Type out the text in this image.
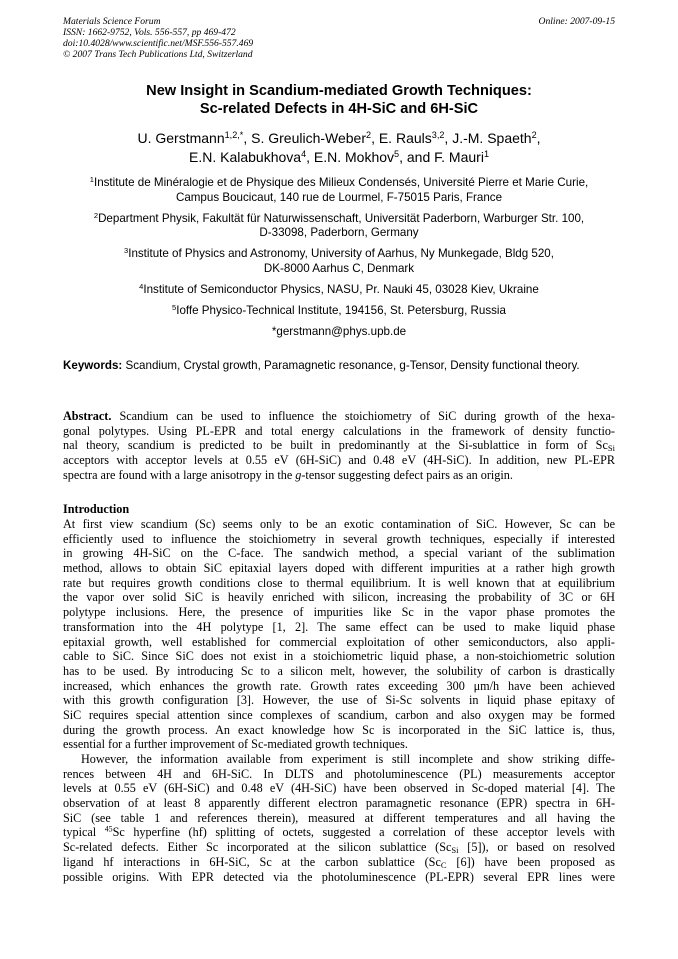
Materials Science Forum
ISSN: 1662-9752, Vols. 556-557, pp 469-472
doi:10.4028/www.scientific.net/MSF.556-557.469
© 2007 Trans Tech Publications Ltd, Switzerland
Online: 2007-09-15
New Insight in Scandium-mediated Growth Techniques:
Sc-related Defects in 4H-SiC and 6H-SiC
U. Gerstmann$^{1,2,*}$, S. Greulich-Weber$^2$, E. Rauls$^{3,2}$, J.-M. Spaeth$^2$,
E.N. Kalabukhova$^4$, E.N. Mokhov$^5$, and F. Mauri$^1$
$^1$Institute de Minéralogie et de Physique des Milieux Condensés, Université Pierre et Marie Curie,
Campus Boucicaut, 140 rue de Lourmel, F-75015 Paris, France
$^2$Department Physik, Fakultät für Naturwissenschaft, Universität Paderborn, Warburger Str. 100,
D-33098, Paderborn, Germany
$^3$Institute of Physics and Astronomy, University of Aarhus, Ny Munkegade, Bldg 520,
DK-8000 Aarhus C, Denmark
$^4$Institute of Semiconductor Physics, NASU, Pr. Nauki 45, 03028 Kiev, Ukraine
$^5$Ioffe Physico-Technical Institute, 194156, St. Petersburg, Russia
*gerstmann@phys.upb.de
Keywords: Scandium, Crystal growth, Paramagnetic resonance, g-Tensor, Density functional theory.
Abstract. Scandium can be used to influence the stoichiometry of SiC during growth of the hexa-
gonal polytypes. Using PL-EPR and total energy calculations in the framework of density functio-
nal theory, scandium is predicted to be built in predominantly at the Si-sublattice in form of $Sc_{Si}$
acceptors with acceptor levels at 0.55 eV (6H-SiC) and 0.48 eV (4H-SiC). In addition, new PL-EPR
spectra are found with a large anisotropy in the g-tensor suggesting defect pairs as an origin.
Introduction
At first view scandium (Sc) seems only to be an exotic contamination of SiC. However, Sc can be
efficiently used to influence the stoichiometry in several growth techniques, especially if interested
in growing 4H-SiC on the C-face. The sandwich method, a special variant of the sublimation
method, allows to obtain SiC epitaxial layers doped with different impurities at a rather high growth
rate but requires growth conditions close to thermal equilibrium. It is well known that at equilibrium
the vapor over solid SiC is heavily enriched with silicon, increasing the probability of 3C or 6H
polytype inclusions. Here, the presence of impurities like Sc in the vapor phase promotes the
transformation into the 4H polytype [1, 2]. The same effect can be used to make liquid phase
epitaxial growth, well established for commercial exploitation of other semiconductors, also appli-
cable to SiC. Since SiC does not exist in a stoichiometric liquid phase, a non-stoichiometric solution
has to be used. By introducing Sc to a silicon melt, however, the solubility of carbon is drastically
increased, which enhances the growth rate. Growth rates exceeding 300 μm/h have been achieved
with this growth configuration [3]. However, the use of Si-Sc solvents in liquid phase epitaxy of
SiC requires special attention since complexes of scandium, carbon and also oxygen may be formed
during the growth process. An exact knowledge how Sc is incorporated in the SiC lattice is, thus,
essential for a further improvement of Sc-mediated growth techniques.
However, the information available from experiment is still incomplete and show striking diffe-
rences between 4H and 6H-SiC. In DLTS and photoluminescence (PL) measurements acceptor
levels at 0.55 eV (6H-SiC) and 0.48 eV (4H-SiC) have been observed in Sc-doped material [4]. The
observation of at least 8 apparently different electron paramagnetic resonance (EPR) spectra in 6H-
SiC (see table 1 and references therein), measured at different temperatures and all having the
typical $^{45}$Sc hyperfine (hf) splitting of octets, suggested a correlation of these acceptor levels with
Sc-related defects. Either Sc incorporated at the silicon sublattice ($Sc_{Si}$ [5]), or based on resolved
ligand hf interactions in 6H-SiC, Sc at the carbon sublattice ($Sc_C$ [6]) have been proposed as
possible origins. With EPR detected via the photoluminescence (PL-EPR) several EPR lines were
